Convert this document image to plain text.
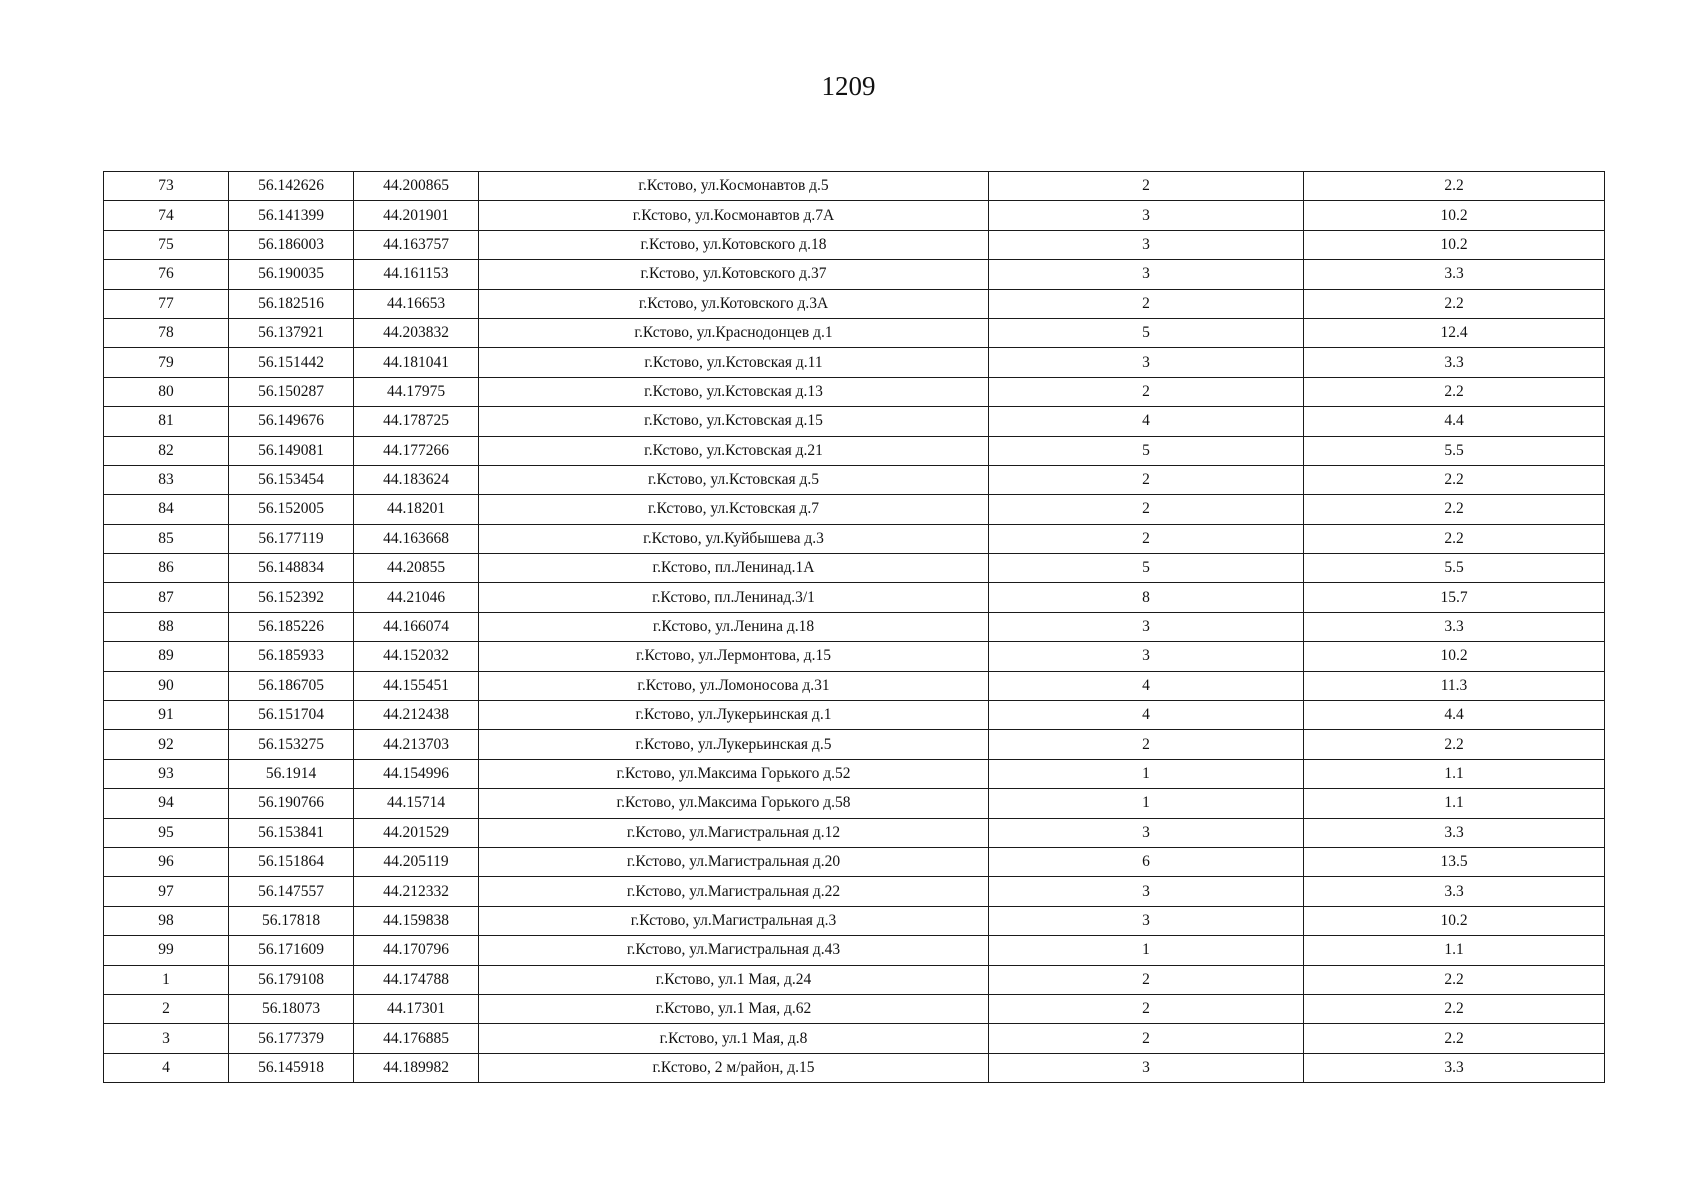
1209
73	56.142626	44.200865	г.Кстово, ул.Космонавтов д.5	2	2.2
74	56.141399	44.201901	г.Кстово, ул.Космонавтов д.7А	3	10.2
75	56.186003	44.163757	г.Кстово, ул.Котовского д.18	3	10.2
76	56.190035	44.161153	г.Кстово, ул.Котовского д.37	3	3.3
77	56.182516	44.16653	г.Кстово, ул.Котовского д.3А	2	2.2
78	56.137921	44.203832	г.Кстово, ул.Краснодонцев д.1	5	12.4
79	56.151442	44.181041	г.Кстово, ул.Кстовская д.11	3	3.3
80	56.150287	44.17975	г.Кстово, ул.Кстовская д.13	2	2.2
81	56.149676	44.178725	г.Кстово, ул.Кстовская д.15	4	4.4
82	56.149081	44.177266	г.Кстово, ул.Кстовская д.21	5	5.5
83	56.153454	44.183624	г.Кстово, ул.Кстовская д.5	2	2.2
84	56.152005	44.18201	г.Кстово, ул.Кстовская д.7	2	2.2
85	56.177119	44.163668	г.Кстово, ул.Куйбышева д.3	2	2.2
86	56.148834	44.20855	г.Кстово, пл.Ленинад.1А	5	5.5
87	56.152392	44.21046	г.Кстово, пл.Ленинад.3/1	8	15.7
88	56.185226	44.166074	г.Кстово, ул.Ленина д.18	3	3.3
89	56.185933	44.152032	г.Кстово, ул.Лермонтова, д.15	3	10.2
90	56.186705	44.155451	г.Кстово, ул.Ломоносова д.31	4	11.3
91	56.151704	44.212438	г.Кстово, ул.Лукерьинская д.1	4	4.4
92	56.153275	44.213703	г.Кстово, ул.Лукерьинская д.5	2	2.2
93	56.1914	44.154996	г.Кстово, ул.Максима Горького д.52	1	1.1
94	56.190766	44.15714	г.Кстово, ул.Максима Горького д.58	1	1.1
95	56.153841	44.201529	г.Кстово, ул.Магистральная д.12	3	3.3
96	56.151864	44.205119	г.Кстово, ул.Магистральная д.20	6	13.5
97	56.147557	44.212332	г.Кстово, ул.Магистральная д.22	3	3.3
98	56.17818	44.159838	г.Кстово, ул.Магистральная д.3	3	10.2
99	56.171609	44.170796	г.Кстово, ул.Магистральная д.43	1	1.1
1	56.179108	44.174788	г.Кстово, ул.1 Мая, д.24	2	2.2
2	56.18073	44.17301	г.Кстово, ул.1 Мая, д.62	2	2.2
3	56.177379	44.176885	г.Кстово, ул.1 Мая, д.8	2	2.2
4	56.145918	44.189982	г.Кстово, 2 м/район, д.15	3	3.3
